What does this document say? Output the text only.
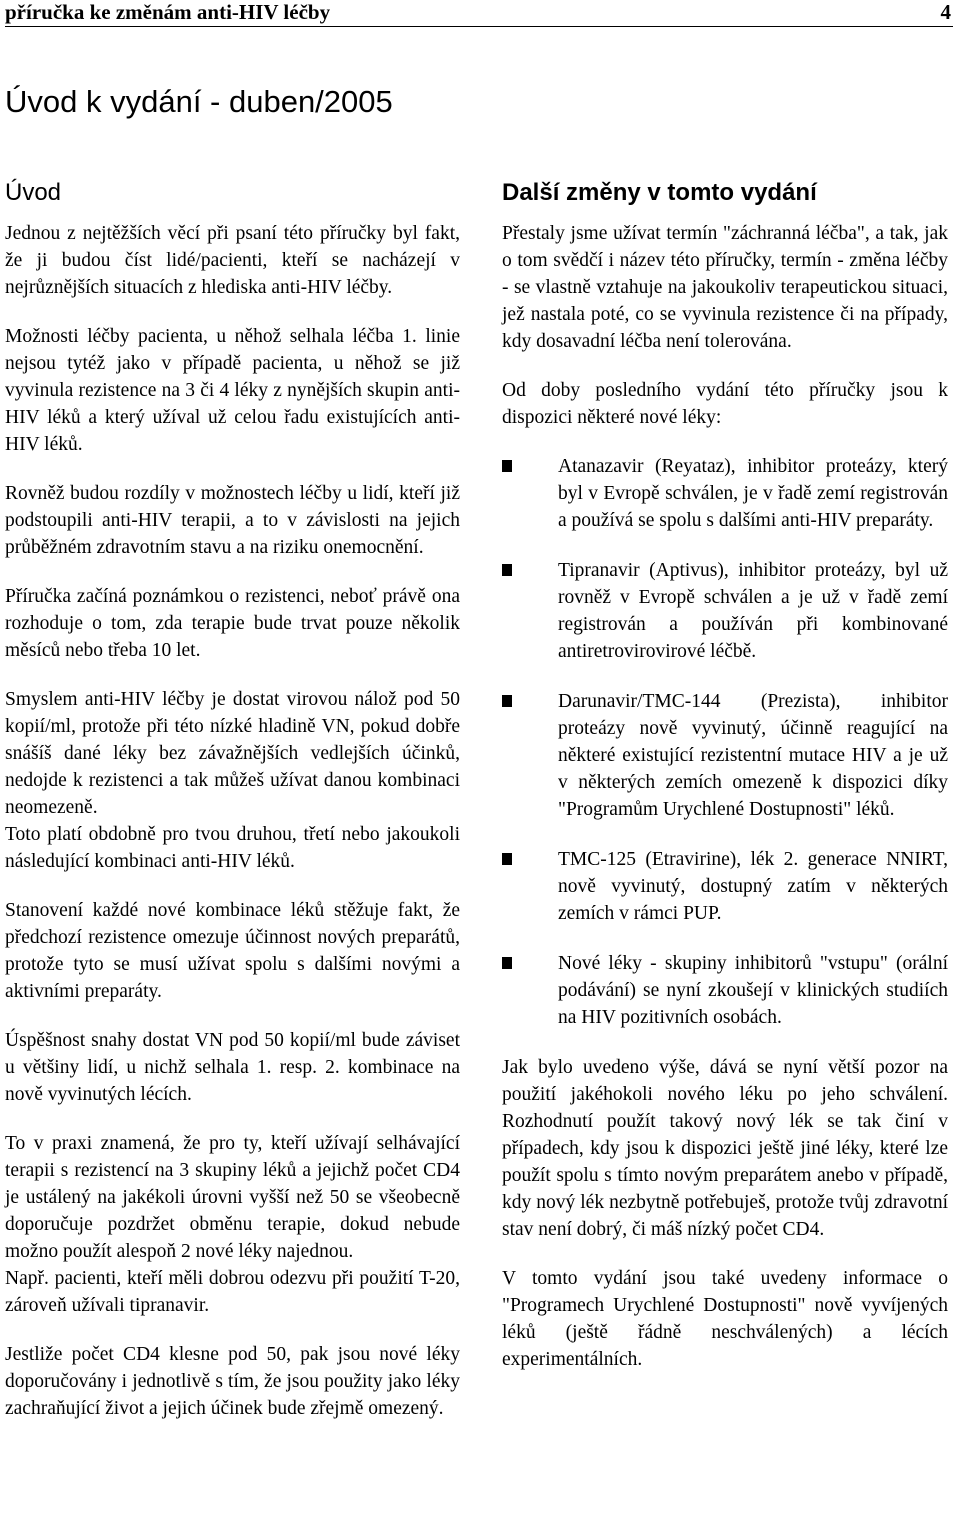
příručka ke změnám anti-HIV léčby	4
Úvod k vydání - duben/2005
Úvod

Jednou z nejtěžších věcí při psaní této příručky byl fakt, že ji budou číst lidé/pacienti, kteří se nacházejí v nejrůznějších situacích z hlediska anti-HIV léčby.

Možnosti léčby pacienta, u něhož selhala léčba 1. linie nejsou tytéž jako v případě pacienta, u něhož se již vyvinula rezistence na 3 či 4 léky z nynějších skupin anti-HIV léků a který užíval už celou řadu existujících anti-HIV léků.

Rovněž budou rozdíly v možnostech léčby u lidí, kteří již podstoupili anti-HIV terapii, a to v závislosti na jejich průběžném zdravotním stavu a na riziku onemocnění.

Příručka začíná poznámkou o rezistenci, neboť právě ona rozhoduje o tom, zda terapie bude trvat pouze několik měsíců nebo třeba 10 let.

Smyslem anti-HIV léčby je dostat virovou nálož pod 50 kopií/ml, protože při této nízké hladině VN, pokud dobře snášíš dané léky bez závažnějších vedlejších účinků, nedojde k rezistenci a tak můžeš užívat danou kombinaci neomezeně.

Toto platí obdobně pro tvou druhou, třetí nebo jakoukoli následující kombinaci anti-HIV léků.

Stanovení každé nové kombinace léků stěžuje fakt, že předchozí rezistence omezuje účinnost nových preparátů, protože tyto se musí užívat spolu s dalšími novými a aktivními preparáty.

Úspěšnost snahy dostat VN pod 50 kopií/ml bude záviset u většiny lidí, u nichž selhala 1. resp. 2. kombinace na nově vyvinutých lécích.

To v praxi znamená, že pro ty, kteří užívají selhávající terapii s rezistencí na 3 skupiny léků a jejichž počet CD4 je ustálený na jakékoli úrovni vyšší než 50 se všeobecně doporučuje pozdržet obměnu terapie, dokud nebude možno použít alespoň 2 nové léky najednou.

Např. pacienti, kteří měli dobrou odezvu při použití T-20, zároveň užívali tipranavir.

Jestliže počet CD4 klesne pod 50, pak jsou nové léky doporučovány i jednotlivě s tím, že jsou použity jako léky zachraňující život a jejich účinek bude zřejmě omezený.

Další změny v tomto vydání

Přestaly jsme užívat termín "záchranná léčba", a tak, jak o tom svědčí i název této příručky, termín - změna léčby - se vlastně vztahuje na jakoukoliv terapeutickou situaci, jež nastala poté, co se vyvinula rezistence či na případy, kdy dosavadní léčba není tolerována.

Od doby posledního vydání této příručky jsou k dispozici některé nové léky:

Atanazavir (Reyataz), inhibitor proteázy, který byl v Evropě schválen, je v řadě zemí registrován a používá se spolu s dalšími anti-HIV preparáty.
Tipranavir (Aptivus), inhibitor proteázy, byl už rovněž v Evropě schválen a je už v řadě zemí registrován a používán při kombinované antiretrovirovirové léčbě.
Darunavir/TMC-144 (Prezista), inhibitor proteázy nově vyvinutý, účinně reagující na některé existující rezistentní mutace HIV a je už v některých zemích omezeně k dispozici díky "Programům Urychlené Dostupnosti" léků.
TMC-125 (Etravirine), lék 2. generace NNIRT, nově vyvinutý, dostupný zatím v některých zemích v rámci PUP.
Nové léky - skupiny inhibitorů "vstupu" (orální podávání) se nyní zkoušejí v klinických studiích na HIV pozitivních osobách.

Jak bylo uvedeno výše, dává se nyní větší pozor na použití jakéhokoli nového léku po jeho schválení. Rozhodnutí použít takový nový lék se tak činí v případech, kdy jsou k dispozici ještě jiné léky, které lze použít spolu s tímto novým preparátem anebo v případě, kdy nový lék nezbytně potřebuješ, protože tvůj zdravotní stav není dobrý, či máš nízký počet CD4.

V tomto vydání jsou také uvedeny informace o "Programech Urychlené Dostupnosti" nově vyvíjených léků (ještě řádně neschválených) a lécích experimentálních.
